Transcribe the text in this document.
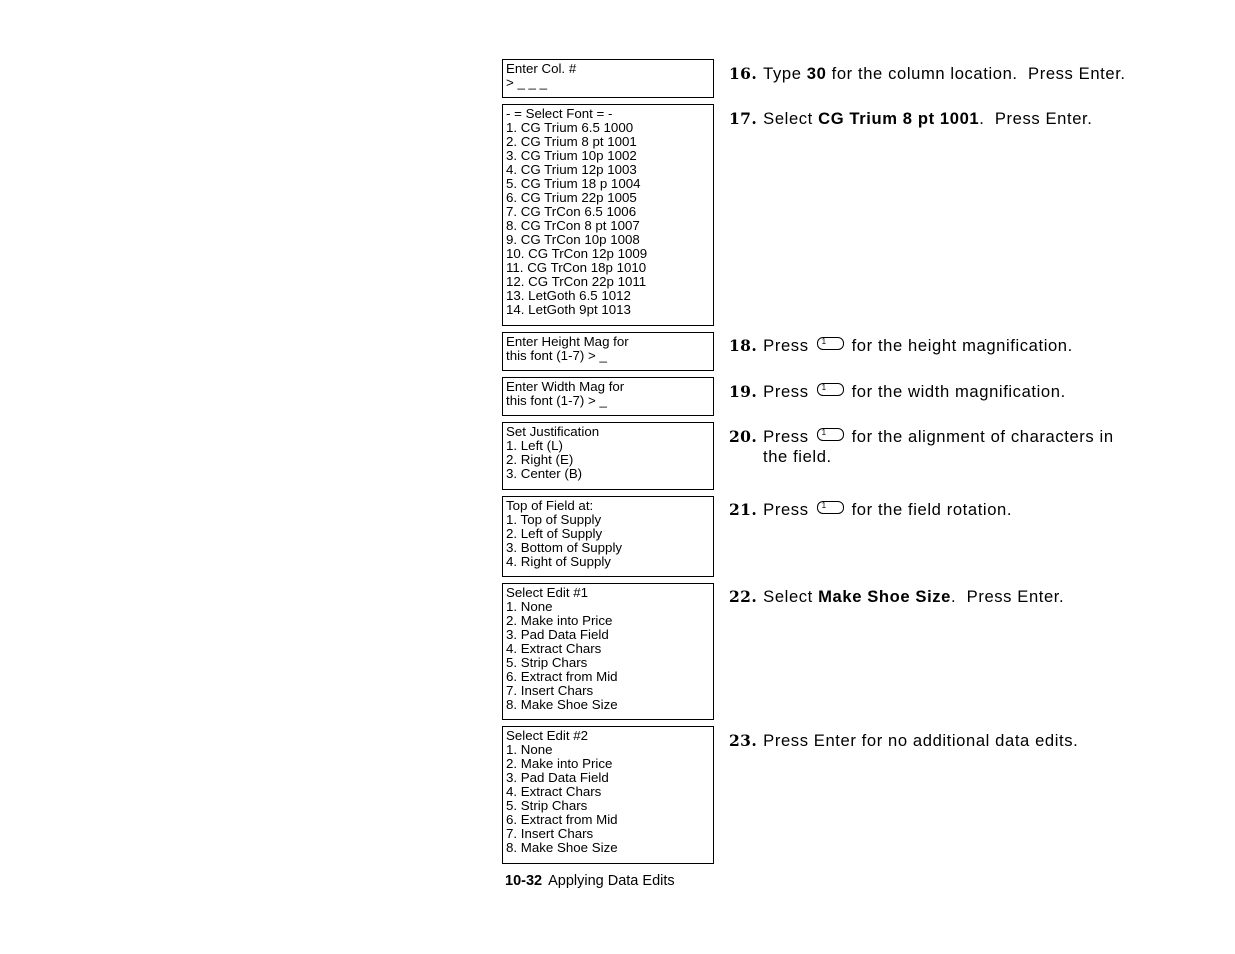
Enter Col. #
> _ _ _
- = Select Font = -
1. CG Trium 6.5 1000
2. CG Trium 8 pt 1001
3. CG Trium 10p 1002
4. CG Trium 12p 1003
5. CG Trium 18 p 1004
6. CG Trium 22p 1005
7. CG TrCon 6.5 1006
8. CG TrCon 8 pt 1007
9. CG TrCon 10p 1008
10. CG TrCon 12p 1009
11. CG TrCon 18p 1010
12. CG TrCon 22p 1011
13. LetGoth 6.5 1012
14. LetGoth 9pt 1013
Enter Height Mag for
this font (1-7) > _
Enter Width Mag for
this font (1-7) > _
Set Justification
1. Left (L)
2. Right (E)
3. Center (B)
Top of Field at:
1. Top of Supply
2. Left of Supply
3. Bottom of Supply
4. Right of Supply
Select Edit #1
1. None
2. Make into Price
3. Pad Data Field
4. Extract Chars
5. Strip Chars
6. Extract from Mid
7. Insert Chars
8. Make Shoe Size
Select Edit #2
1. None
2. Make into Price
3. Pad Data Field
4. Extract Chars
5. Strip Chars
6. Extract from Mid
7. Insert Chars
8. Make Shoe Size
16. Type 30 for the column location.  Press Enter.
17. Select CG Trium 8 pt 1001.  Press Enter.
18. Press 1	for the height magnification.
19. Press 1	for the width magnification.
20. Press 1	for the alignment of characters in
the field.
21. Press 1	for the field rotation.
22. Select Make Shoe Size.  Press Enter.
23. Press Enter for no additional data edits.
10-32 Applying Data Edits
